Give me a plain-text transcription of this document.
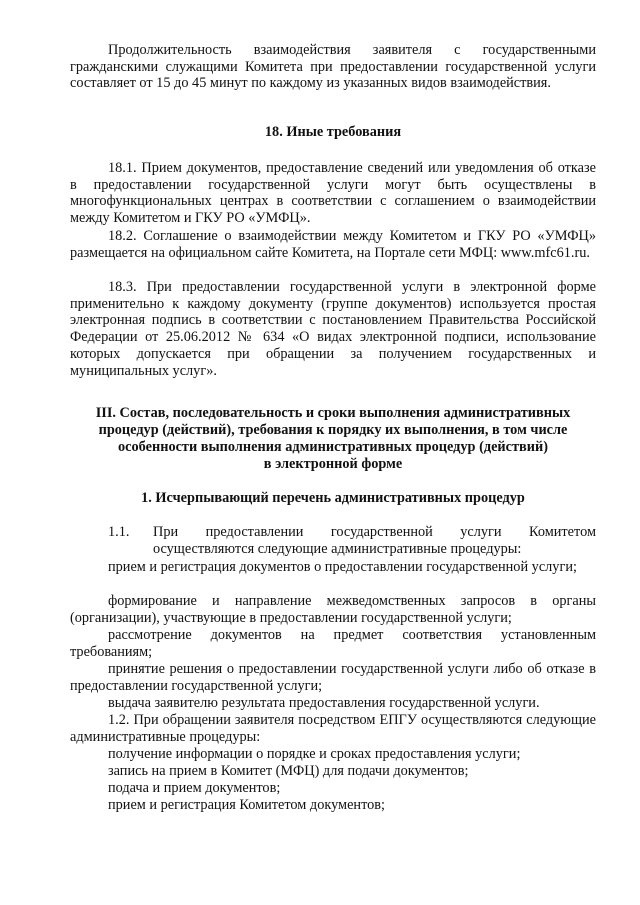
Продолжительность взаимодействия заявителя с государственными гражданскими служащими Комитета при предоставлении государственной услуги составляет от 15 до 45 минут по каждому из указанных видов взаимодействия.

18. Иные требования

18.1. Прием документов, предоставление сведений или уведомления об отказе в предоставлении государственной услуги могут быть осуществлены в многофункциональных центрах в соответствии с соглашением о взаимодействии между Комитетом и ГКУ РО «УМФЦ».

18.2. Соглашение о взаимодействии между Комитетом и ГКУ РО «УМФЦ» размещается на официальном сайте Комитета, на Портале сети МФЦ: www.mfc61.ru.

18.3. При предоставлении государственной услуги в электронной форме применительно к каждому документу (группе документов) используется простая электронная подпись в соответствии с постановлением Правительства Российской Федерации от 25.06.2012 № 634 «О видах электронной подписи, использование которых допускается при обращении за получением государственных и муниципальных услуг».

III. Состав, последовательность и сроки выполнения административных

процедур (действий), требования к порядку их выполнения, в том числе

особенности выполнения административных процедур (действий)

в электронной форме

1. Исчерпывающий перечень административных процедур

1.1. При предоставлении государственной услуги Комитетом

осуществляются следующие административные процедуры:

прием и регистрация документов о предоставлении государственной услуги;

формирование и направление межведомственных запросов в органы (организации), участвующие в предоставлении государственной услуги;

рассмотрение документов на предмет соответствия установленным требованиям;

принятие решения о предоставлении государственной услуги либо об отказе в предоставлении государственной услуги;

выдача заявителю результата предоставления государственной услуги.

1.2. При обращении заявителя посредством ЕПГУ осуществляются следующие административные процедуры:

получение информации о порядке и сроках предоставления услуги;

запись на прием в Комитет (МФЦ) для подачи документов;

подача и прием документов;

прием и регистрация Комитетом документов;
